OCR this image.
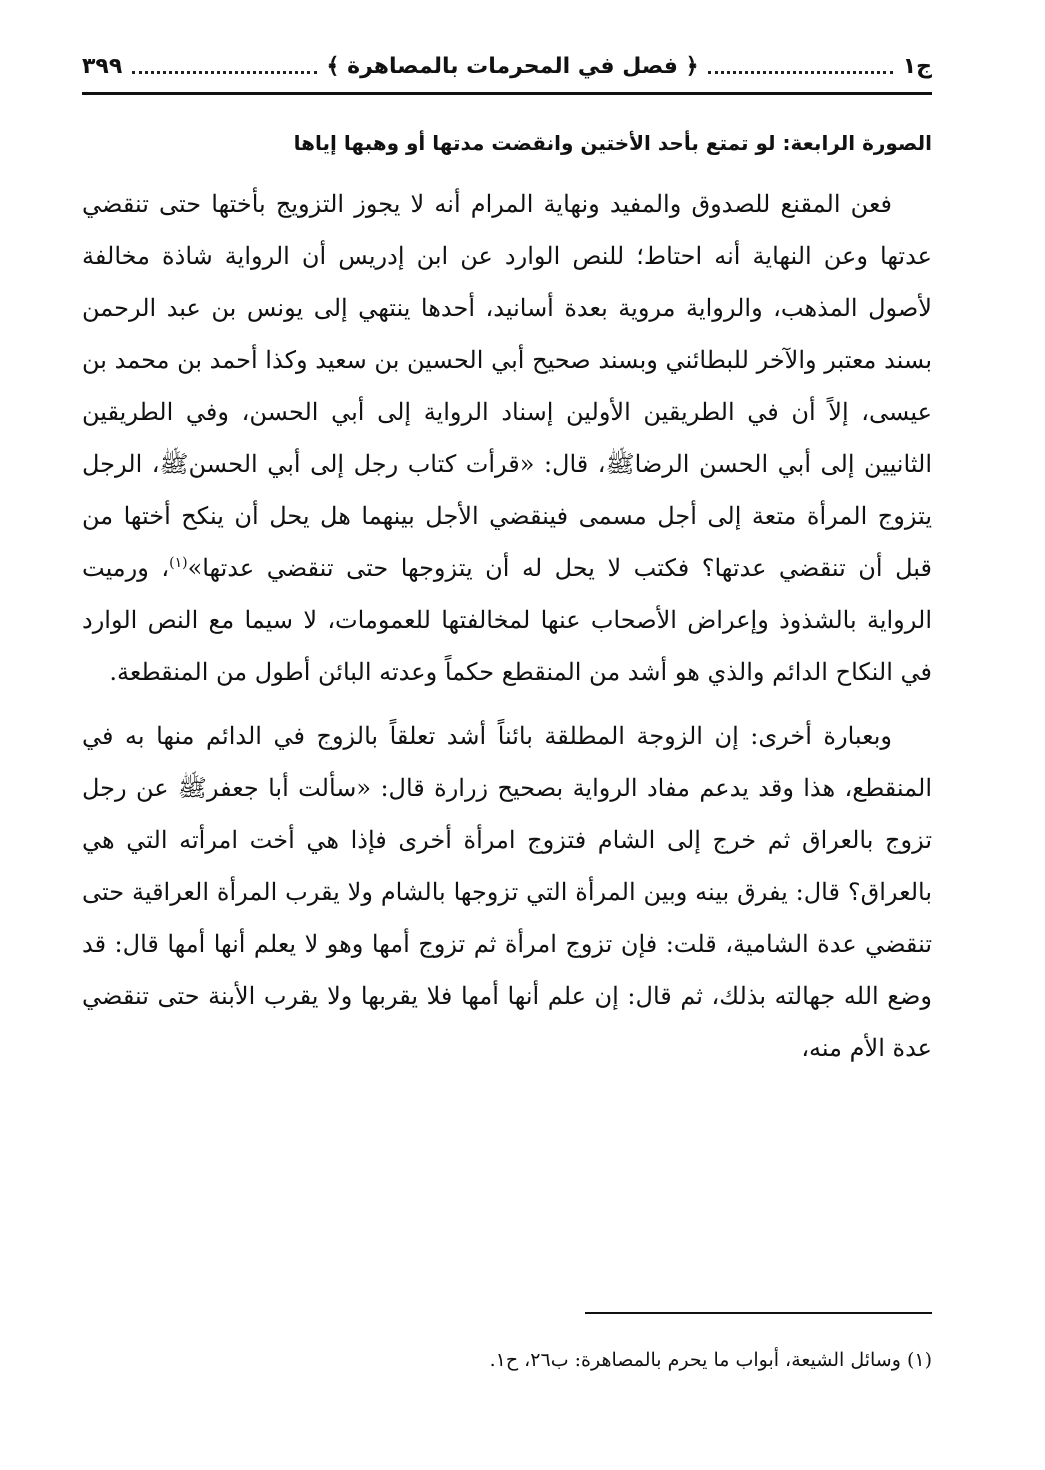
ج١
﴿ فصل في المحرمات بالمصاهرة ﴾
٣٩٩
الصورة الرابعة: لو تمتع بأحد الأختين وانقضت مدتها أو وهبها إياها

فعن المقنع للصدوق والمفيد ونهاية المرام أنه لا يجوز التزويج بأختها حتى تنقضي عدتها وعن النهاية أنه احتاط؛ للنص الوارد عن ابن إدريس أن الرواية شاذة مخالفة لأصول المذهب، والرواية مروية بعدة أسانيد، أحدها ينتهي إلى يونس بن عبد الرحمن بسند معتبر والآخر للبطائني وبسند صحيح أبي الحسين بن سعيد وكذا أحمد بن محمد بن عيسى، إلاً أن في الطريقين الأولين إسناد الرواية إلى أبي الحسن، وفي الطريقين الثانيين إلى أبي الحسن الرضاﷺ، قال: «قرأت كتاب رجل إلى أبي الحسنﷺ، الرجل يتزوج المرأة متعة إلى أجل مسمى فينقضي الأجل بينهما هل يحل أن ينكح أختها من قبل أن تنقضي عدتها؟ فكتب لا يحل له أن يتزوجها حتى تنقضي عدتها»$^{(١)}$، ورميت الرواية بالشذوذ وإعراض الأصحاب عنها لمخالفتها للعمومات، لا سيما مع النص الوارد في النكاح الدائم والذي هو أشد من المنقطع حكماً وعدته البائن أطول من المنقطعة.

وبعبارة أخرى: إن الزوجة المطلقة بائناً أشد تعلقاً بالزوج في الدائم منها به في المنقطع، هذا وقد يدعم مفاد الرواية بصحيح زرارة قال: «سألت أبا جعفرﷺ عن رجل تزوج بالعراق ثم خرج إلى الشام فتزوج امرأة أخرى فإذا هي أخت امرأته التي هي بالعراق؟ قال: يفرق بينه وبين المرأة التي تزوجها بالشام ولا يقرب المرأة العراقية حتى تنقضي عدة الشامية، قلت: فإن تزوج امرأة ثم تزوج أمها وهو لا يعلم أنها أمها قال: قد وضع الله جهالته بذلك، ثم قال: إن علم أنها أمها فلا يقربها ولا يقرب الأبنة حتى تنقضي عدة الأم منه،

(١) وسائل الشيعة، أبواب ما يحرم بالمصاهرة: ب٢٦، ح١.
